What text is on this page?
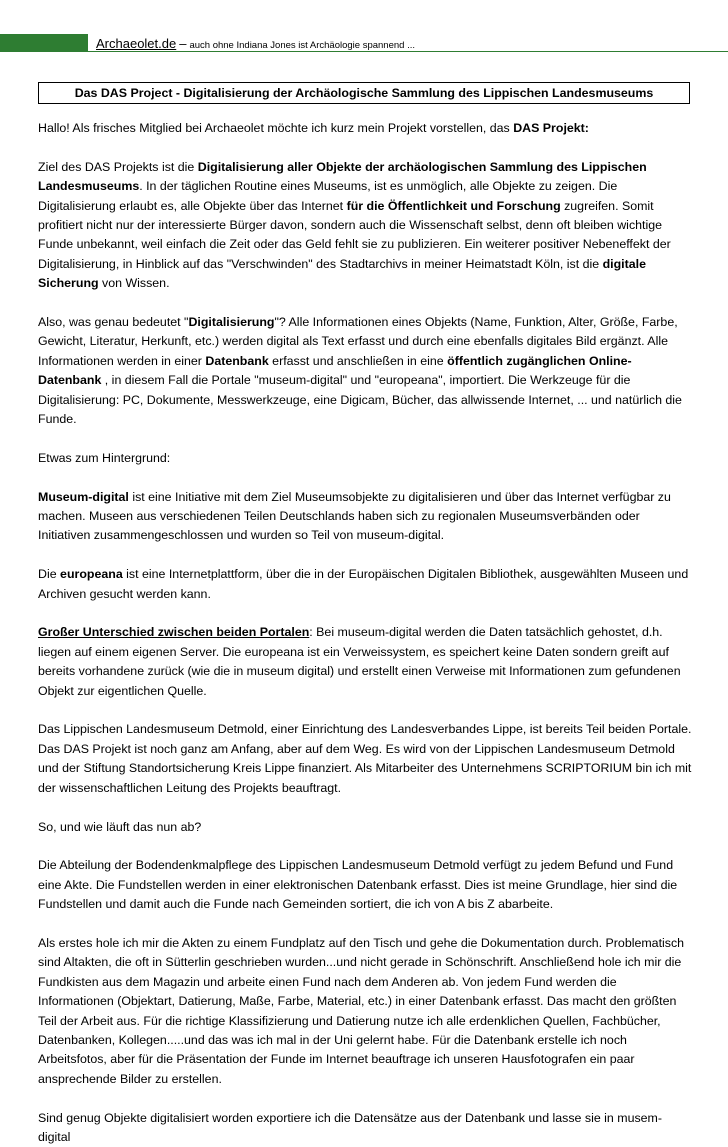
Archaeolet.de – auch ohne Indiana Jones ist Archäologie spannend ...
Das DAS Project - Digitalisierung der Archäologische Sammlung des Lippischen Landesmuseums

Hallo! Als frisches Mitglied bei Archaeolet möchte ich kurz mein Projekt vorstellen, das DAS Projekt:

Ziel des DAS Projekts ist die Digitalisierung aller Objekte der archäologischen Sammlung des Lippischen Landesmuseums. In der täglichen Routine eines Museums, ist es unmöglich, alle Objekte zu zeigen. Die Digitalisierung erlaubt es, alle Objekte über das Internet für die Öffentlichkeit und Forschung zugreifen. Somit profitiert nicht nur der interessierte Bürger davon, sondern auch die Wissenschaft selbst, denn oft bleiben wichtige Funde unbekannt, weil einfach die Zeit oder das Geld fehlt sie zu publizieren. Ein weiterer positiver Nebeneffekt der Digitalisierung, in Hinblick auf das "Verschwinden" des Stadtarchivs in meiner Heimatstadt Köln, ist die digitale Sicherung von Wissen.

Also, was genau bedeutet "Digitalisierung"? Alle Informationen eines Objekts (Name, Funktion, Alter, Größe, Farbe, Gewicht, Literatur, Herkunft, etc.) werden digital als Text erfasst und durch eine ebenfalls digitales Bild ergänzt. Alle Informationen werden in einer Datenbank erfasst und anschließen in eine öffentlich zugänglichen Online-Datenbank , in diesem Fall die Portale "museum-digital" und "europeana", importiert. Die Werkzeuge für die Digitalisierung: PC, Dokumente, Messwerkzeuge, eine Digicam, Bücher, das allwissende Internet, ... und natürlich die Funde.

Etwas zum Hintergrund:

Museum-digital ist eine Initiative mit dem Ziel Museumsobjekte zu digitalisieren und über das Internet verfügbar zu machen. Museen aus verschiedenen Teilen Deutschlands haben sich zu regionalen Museumsverbänden oder Initiativen zusammengeschlossen und wurden so Teil von museum-digital.

Die europeana ist eine Internetplattform, über die in der Europäischen Digitalen Bibliothek, ausgewählten Museen und Archiven gesucht werden kann.

Großer Unterschied zwischen beiden Portalen: Bei museum-digital werden die Daten tatsächlich gehostet, d.h. liegen auf einem eigenen Server. Die europeana ist ein Verweissystem, es speichert keine Daten sondern greift auf bereits vorhandene zurück (wie die in museum digital) und erstellt einen Verweise mit Informationen zum gefundenen Objekt zur eigentlichen Quelle.

Das Lippischen Landesmuseum Detmold, einer Einrichtung des Landesverbandes Lippe, ist bereits Teil beiden Portale. Das DAS Projekt ist noch ganz am Anfang, aber auf dem Weg. Es wird von der Lippischen Landesmuseum Detmold und der Stiftung Standortsicherung Kreis Lippe finanziert. Als Mitarbeiter des Unternehmens SCRIPTORIUM bin ich mit der wissenschaftlichen Leitung des Projekts beauftragt.

So, und wie läuft das nun ab?

Die Abteilung der Bodendenkmalpflege des Lippischen Landesmuseum Detmold verfügt zu jedem Befund und Fund eine Akte. Die Fundstellen werden in einer elektronischen Datenbank erfasst. Dies ist meine Grundlage, hier sind die Fundstellen und damit auch die Funde nach Gemeinden sortiert, die ich von A bis Z abarbeite.

Als erstes hole ich mir die Akten zu einem Fundplatz auf den Tisch und gehe die Dokumentation durch. Problematisch sind Altakten, die oft in Sütterlin geschrieben wurden...und nicht gerade in Schönschrift. Anschließend hole ich mir die Fundkisten aus dem Magazin und arbeite einen Fund nach dem Anderen ab. Von jedem Fund werden die Informationen (Objektart, Datierung, Maße, Farbe, Material, etc.) in einer Datenbank erfasst. Das macht den größten Teil der Arbeit aus. Für die richtige Klassifizierung und Datierung nutze ich alle erdenklichen Quellen, Fachbücher, Datenbanken, Kollegen.....und das was ich mal in der Uni gelernt habe. Für die Datenbank erstelle ich noch Arbeitsfotos, aber für die Präsentation der Funde im Internet beauftrage ich unseren Hausfotografen ein paar ansprechende Bilder zu erstellen.

Sind genug Objekte digitalisiert worden exportiere ich die Datensätze aus der Datenbank und lasse sie in musem-digital
